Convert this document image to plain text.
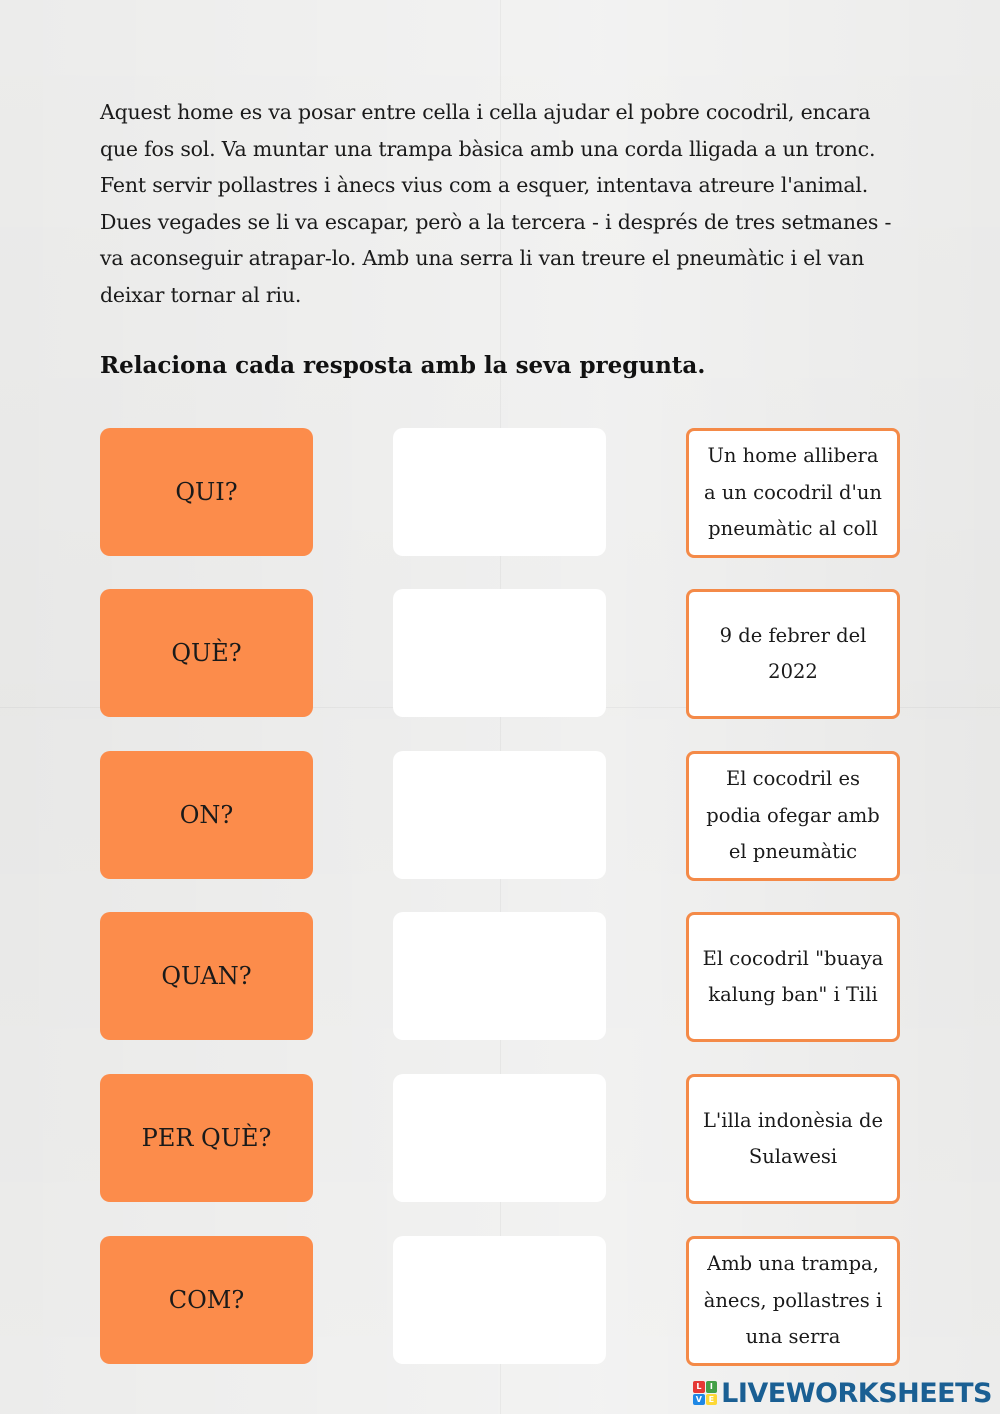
Aquest home es va posar entre cella i cella ajudar el pobre cocodril, encara
que fos sol. Va muntar una trampa bàsica amb una corda lligada a un tronc.
Fent servir pollastres i ànecs vius com a esquer, intentava atreure l'animal.
Dues vegades se li va escapar, però a la tercera - i després de tres setmanes -
va aconseguir atrapar-lo. Amb una serra li van treure el pneumàtic i el van
deixar tornar al riu.
Relaciona cada resposta amb la seva pregunta.
QUI?
QUÈ?
ON?
QUAN?
PER QUÈ?
COM?
Un home allibera
a un cocodril d'un
pneumàtic al coll
9 de febrer del
2022
El cocodril es
podia ofegar amb
el pneumàtic
El cocodril "buaya
kalung ban" i Tili
L'illa indonèsia de
Sulawesi
Amb una trampa,
ànecs, pollastres i
una serra
L	I
V E LIVEWORKSHEETS
